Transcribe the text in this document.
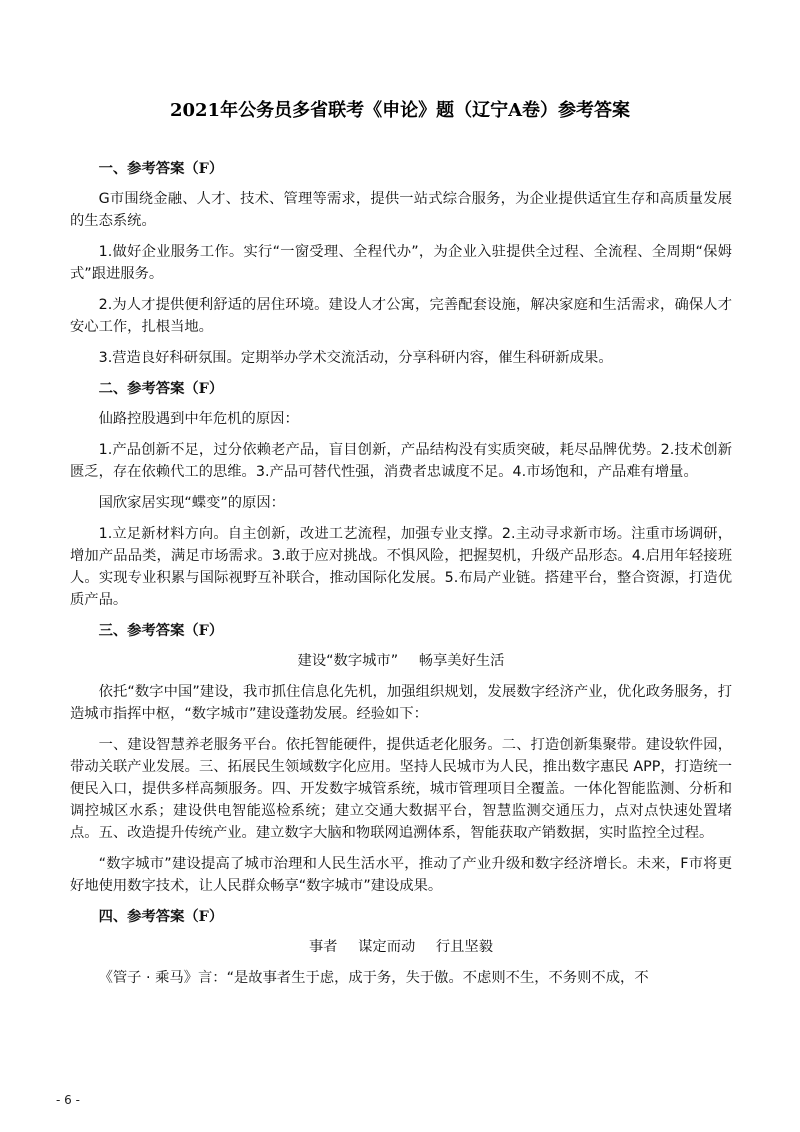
2021年公务员多省联考《申论》题（辽宁A卷）参考答案
一、参考答案（F）

G市围绕金融、人才、技术、管理等需求，提供一站式综合服务，为企业提供适宜生存和高质量发展的生态系统。

1.做好企业服务工作。实行“一窗受理、全程代办”，为企业入驻提供全过程、全流程、全周期“保姆式”跟进服务。

2.为人才提供便利舒适的居住环境。建设人才公寓，完善配套设施，解决家庭和生活需求，确保人才安心工作，扎根当地。

3.营造良好科研氛围。定期举办学术交流活动，分享科研内容，催生科研新成果。

二、参考答案（F）

仙路控股遇到中年危机的原因：

1.产品创新不足，过分依赖老产品，盲目创新，产品结构没有实质突破，耗尽品牌优势。2.技术创新匮乏，存在依赖代工的思维。3.产品可替代性强，消费者忠诚度不足。4.市场饱和，产品难有增量。

国欣家居实现“蝶变”的原因：

1.立足新材料方向。自主创新，改进工艺流程，加强专业支撑。2.主动寻求新市场。注重市场调研，增加产品品类，满足市场需求。3.敢于应对挑战。不惧风险，把握契机，升级产品形态。4.启用年轻接班人。实现专业积累与国际视野互补联合，推动国际化发展。5.布局产业链。搭建平台，整合资源，打造优质产品。

三、参考答案（F）
建设“数字城市” 畅享美好生活

依托“数字中国”建设，我市抓住信息化先机，加强组织规划，发展数字经济产业，优化政务服务，打造城市指挥中枢，“数字城市”建设蓬勃发展。经验如下：

一、建设智慧养老服务平台。依托智能硬件，提供适老化服务。二、打造创新集聚带。建设软件园，带动关联产业发展。三、拓展民生领域数字化应用。坚持人民城市为人民，推出数字惠民 APP，打造统一便民入口，提供多样高频服务。四、开发数字城管系统，城市管理项目全覆盖。一体化智能监测、分析和调控城区水系；建设供电智能巡检系统；建立交通大数据平台，智慧监测交通压力，点对点快速处置堵点。五、改造提升传统产业。建立数字大脑和物联网追溯体系，智能获取产销数据，实时监控全过程。

“数字城市”建设提高了城市治理和人民生活水平，推动了产业升级和数字经济增长。未来，F市将更好地使用数字技术，让人民群众畅享“数字城市”建设成果。

四、参考答案（F）
事者 谋定而动 行且坚毅

《管子 · 乘马》言：“是故事者生于虑，成于务，失于傲。不虑则不生，不务则不成，不

- 6 -
